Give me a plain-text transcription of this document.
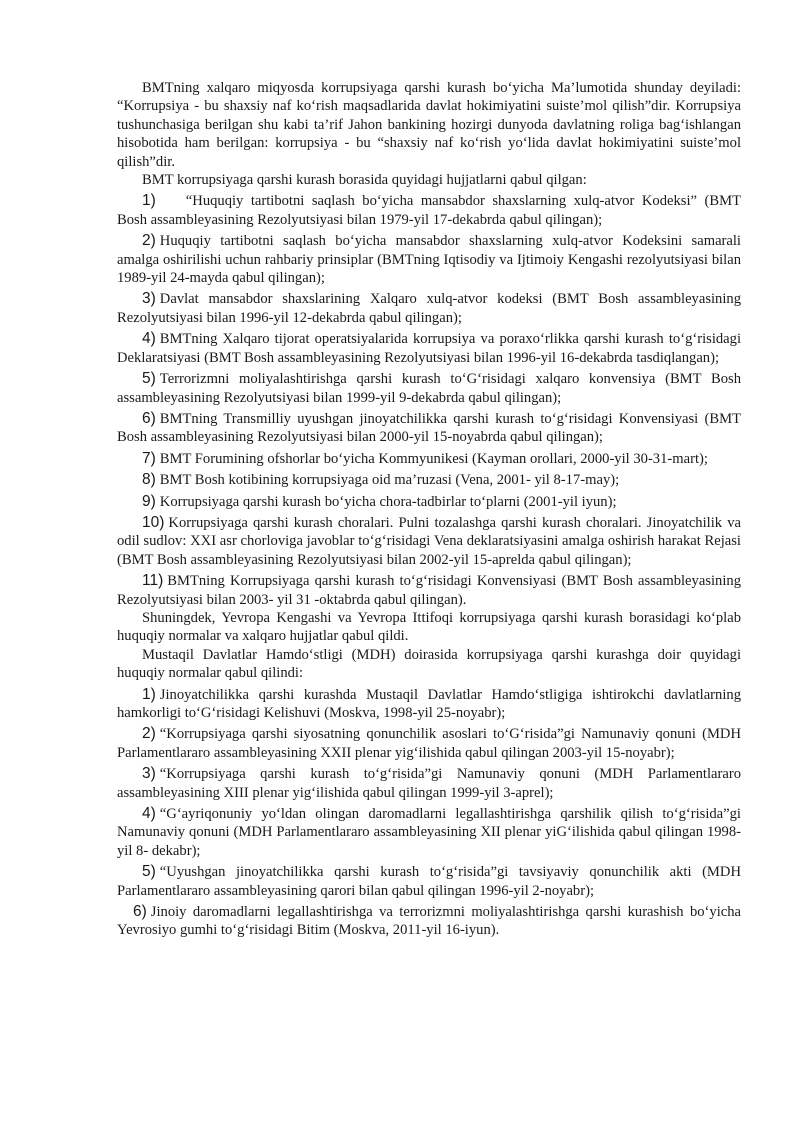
BMTning xalqaro miqyosda korrupsiyaga qarshi kurash bo‘yicha Ma’lumotida shunday deyiladi: “Korrupsiya - bu shaxsiy naf ko‘rish maqsadlarida davlat hokimiyatini suiste’mol qilish”dir. Korrupsiya tushunchasiga berilgan shu kabi ta’rif Jahon bankining hozirgi dunyoda davlatning roliga bag‘ishlangan hisobotida ham berilgan: korrupsiya - bu “shaxsiy naf ko‘rish yo‘lida davlat hokimiyatini suiste’mol qilish”dir.

BMT korrupsiyaga qarshi kurash borasida quyidagi hujjatlarni qabul qilgan:

1) “Huquqiy tartibotni saqlash bo‘yicha mansabdor shaxslarning xulq-atvor Kodeksi” (BMT Bosh assambleyasining Rezolyutsiyasi bilan 1979-yil 17-dekabrda qabul qilingan);

2) Huquqiy tartibotni saqlash bo‘yicha mansabdor shaxslarning xulq-atvor Kodeksini samarali amalga oshirilishi uchun rahbariy prinsiplar (BMTning Iqtisodiy va Ijtimoiy Kengashi rezolyutsiyasi bilan 1989-yil 24-mayda qabul qilingan);

3) Davlat mansabdor shaxslarining Xalqaro xulq-atvor kodeksi (BMT Bosh assambleyasining Rezolyutsiyasi bilan 1996-yil 12-dekabrda qabul qilingan);

4) BMTning Xalqaro tijorat operatsiyalarida korrupsiya va poraxo‘rlikka qarshi kurash to‘g‘risidagi Deklaratsiyasi (BMT Bosh assambleyasining Rezolyutsiyasi bilan 1996-yil 16-dekabrda tasdiqlangan);

5) Terrorizmni moliyalashtirishga qarshi kurash to‘G‘risidagi xalqaro konvensiya (BMT Bosh assambleyasining Rezolyutsiyasi bilan 1999-yil 9-dekabrda qabul qilingan);

6) BMTning Transmilliy uyushgan jinoyatchilikka qarshi kurash to‘g‘risidagi Konvensiyasi (BMT Bosh assambleyasining Rezolyutsiyasi bilan 2000-yil 15-noyabrda qabul qilingan);

7) BMT Forumining ofshorlar bo‘yicha Kommyunikesi (Kayman orollari, 2000-yil 30-31-mart);

8) BMT Bosh kotibining korrupsiyaga oid ma’ruzasi (Vena, 2001- yil 8-17-may);

9) Korrupsiyaga qarshi kurash bo‘yicha chora-tadbirlar to‘plarni (2001-yil iyun);

10) Korrupsiyaga qarshi kurash choralari. Pulni tozalashga qarshi kurash choralari. Jinoyatchilik va odil sudlov: XXI asr chorloviga javoblar to‘g‘risidagi Vena deklaratsiyasini amalga oshirish harakat Rejasi (BMT Bosh assambleyasining Rezolyutsiyasi bilan 2002-yil 15-aprelda qabul qilingan);

11) BMTning Korrupsiyaga qarshi kurash to‘g‘risidagi Konvensiyasi (BMT Bosh assambleyasining Rezolyutsiyasi bilan 2003- yil 31 -oktabrda qabul qilingan).

Shuningdek, Yevropa Kengashi va Yevropa Ittifoqi korrupsiyaga qarshi kurash borasidagi ko‘plab huquqiy normalar va xalqaro hujjatlar qabul qildi.

Mustaqil Davlatlar Hamdo‘stligi (MDH) doirasida korrupsiyaga qarshi kurashga doir quyidagi huquqiy normalar qabul qilindi:

1) Jinoyatchilikka qarshi kurashda Mustaqil Davlatlar Hamdo‘stligiga ishtirokchi davlatlarning hamkorligi to‘G‘risidagi Kelishuvi (Moskva, 1998-yil 25-noyabr);

2) “Korrupsiyaga qarshi siyosatning qonunchilik asoslari to‘G‘risida”gi Namunaviy qonuni (MDH Parlamentlararo assambleyasining XXII plenar yig‘ilishida qabul qilingan 2003-yil 15-noyabr);

3) “Korrupsiyaga qarshi kurash to‘g‘risida”gi Namunaviy qonuni (MDH Parlamentlararo assambleyasining XIII plenar yig‘ilishida qabul qilingan 1999-yil 3-aprel);

4) “G‘ayriqonuniy yo‘ldan olingan daromadlarni legallashtirishga qarshilik qilish to‘g‘risida”gi Namunaviy qonuni (MDH Parlamentlararo assambleyasining XII plenar yiG‘ilishida qabul qilingan 1998-yil 8- dekabr);

5) “Uyushgan jinoyatchilikka qarshi kurash to‘g‘risida”gi tavsiyaviy qonunchilik akti (MDH Parlamentlararo assambleyasining qarori bilan qabul qilingan 1996-yil 2-noyabr);

6) Jinoiy daromadlarni legallashtirishga va terrorizmni moliyalashtirishga qarshi kurashish bo‘yicha Yevrosiyo gumhi to‘g‘risidagi Bitim (Moskva, 2011-yil 16-iyun).
